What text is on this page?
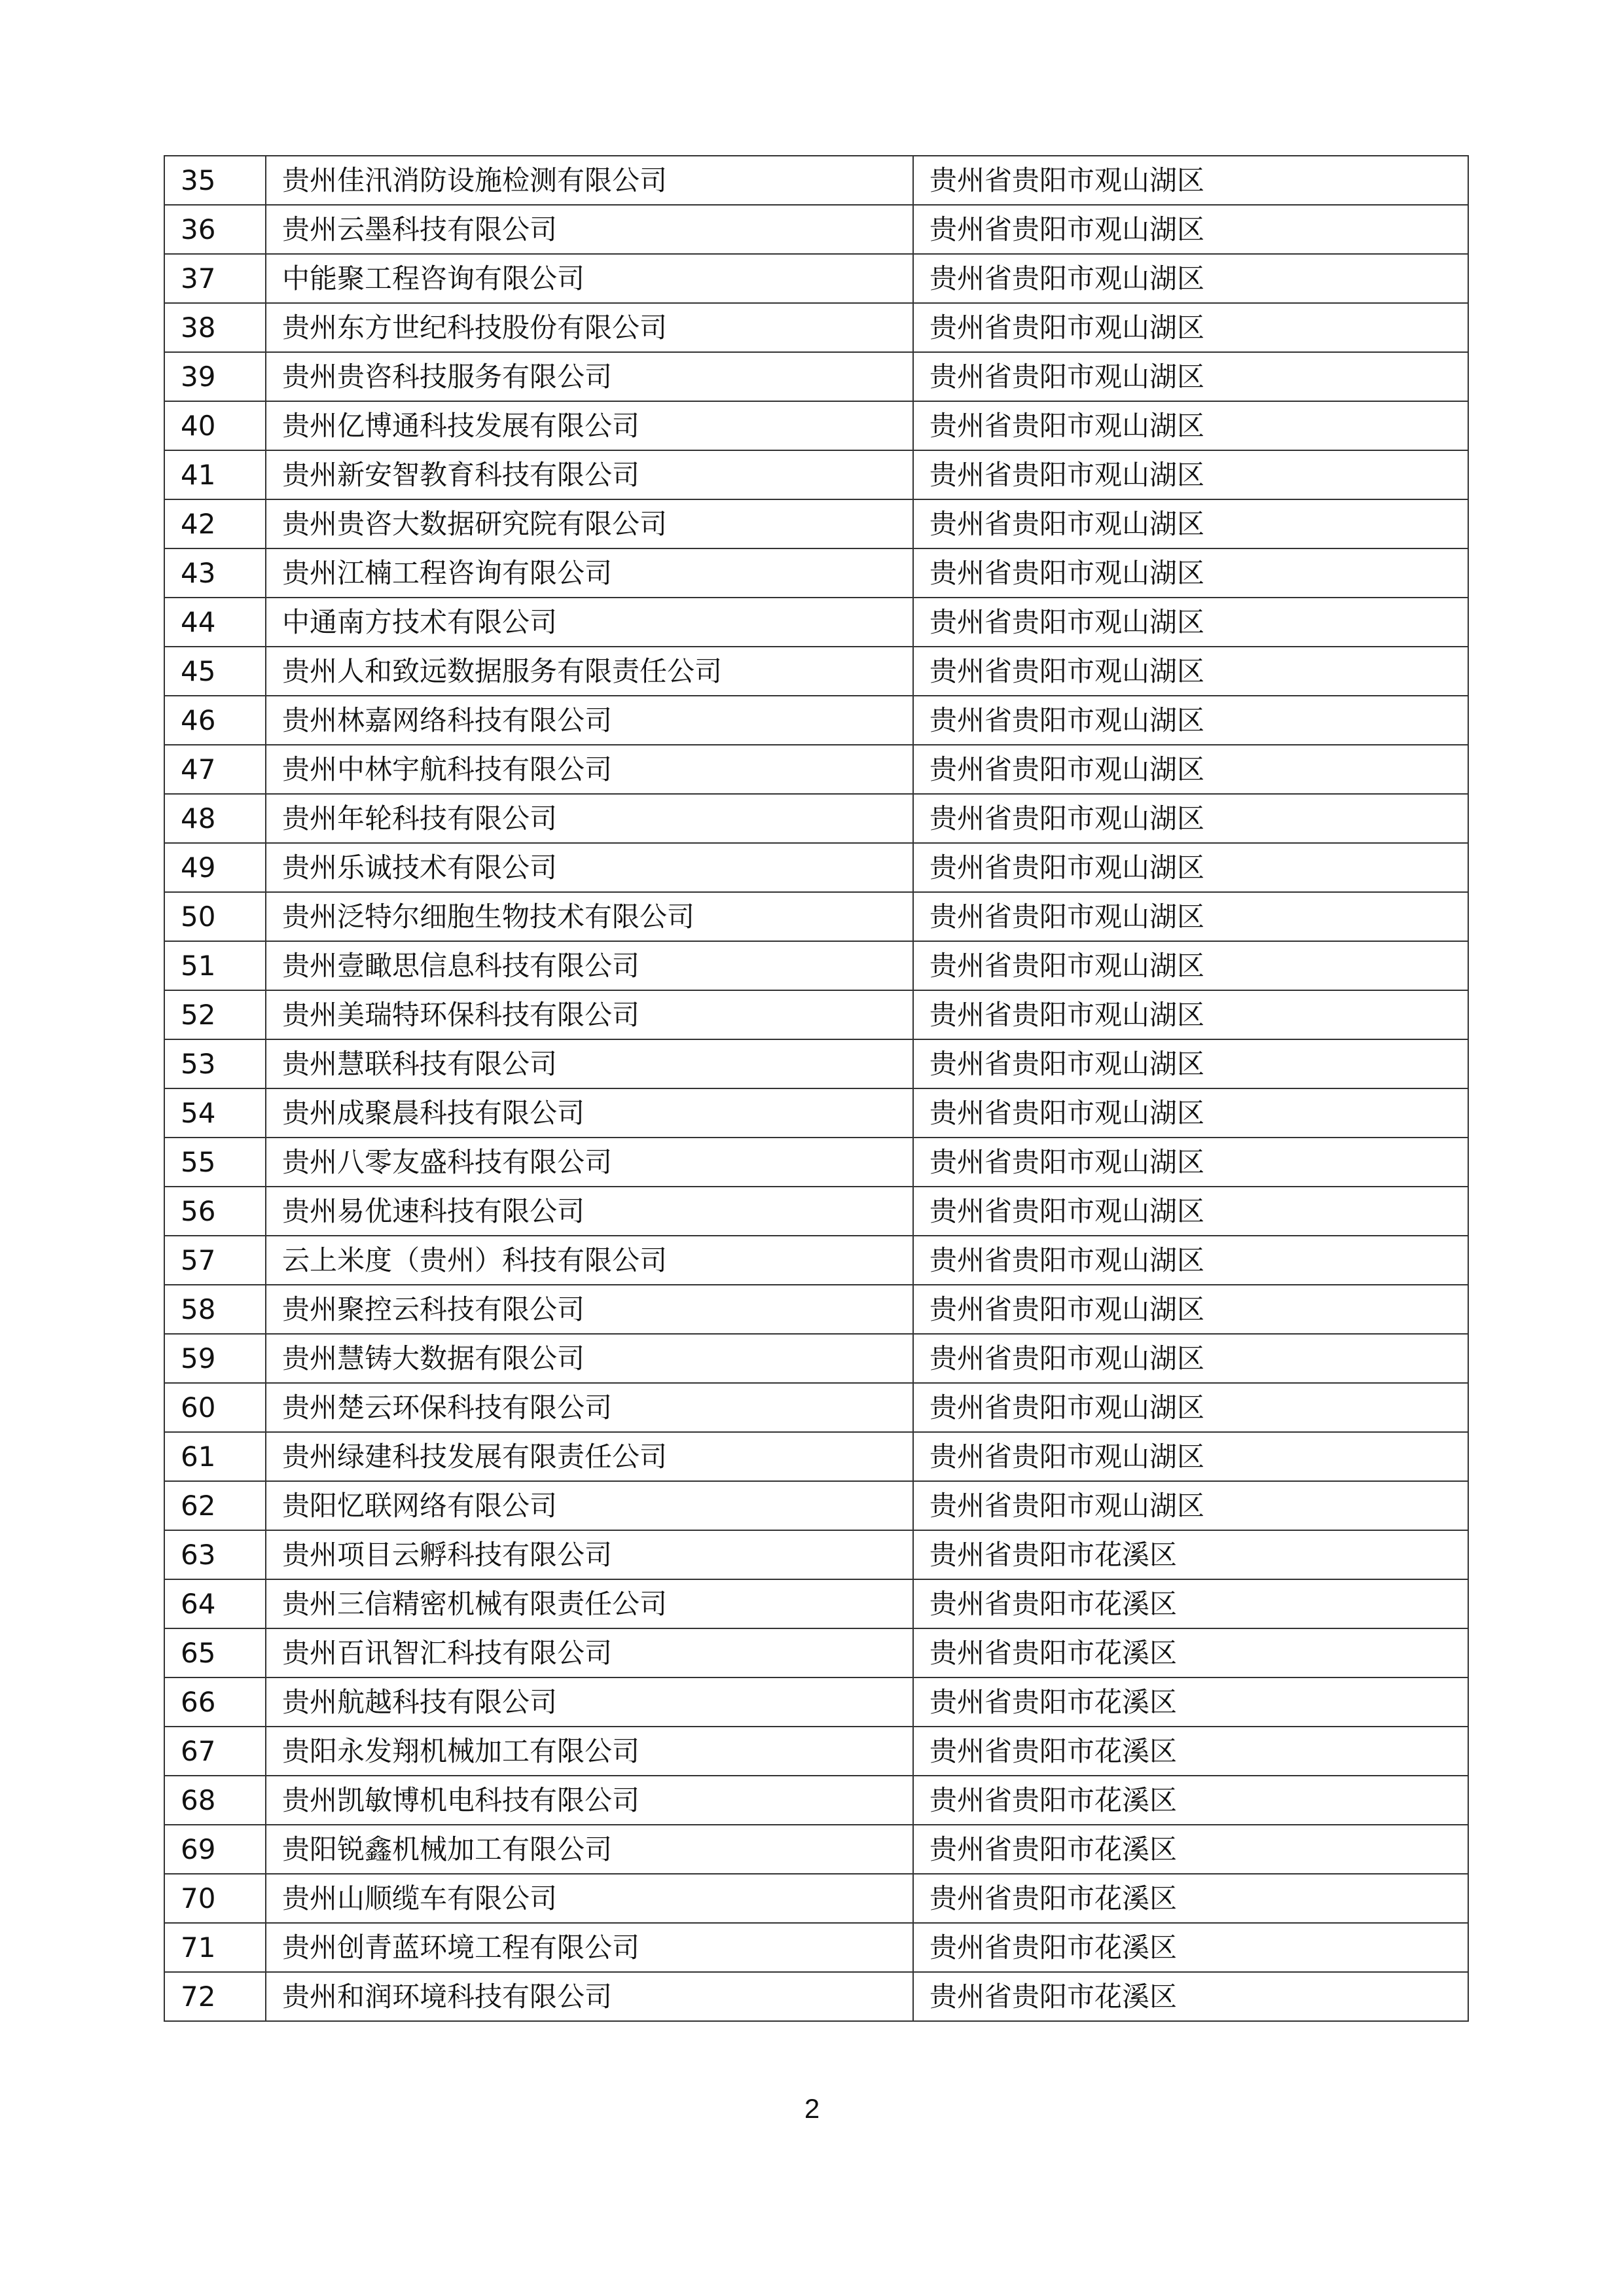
35	贵州佳汛消防设施检测有限公司	贵州省贵阳市观山湖区
36	贵州云墨科技有限公司	贵州省贵阳市观山湖区
37	中能聚工程咨询有限公司	贵州省贵阳市观山湖区
38	贵州东方世纪科技股份有限公司	贵州省贵阳市观山湖区
39	贵州贵咨科技服务有限公司	贵州省贵阳市观山湖区
40	贵州亿博通科技发展有限公司	贵州省贵阳市观山湖区
41	贵州新安智教育科技有限公司	贵州省贵阳市观山湖区
42	贵州贵咨大数据研究院有限公司	贵州省贵阳市观山湖区
43	贵州江楠工程咨询有限公司	贵州省贵阳市观山湖区
44	中通南方技术有限公司	贵州省贵阳市观山湖区
45	贵州人和致远数据服务有限责任公司	贵州省贵阳市观山湖区
46	贵州林嘉网络科技有限公司	贵州省贵阳市观山湖区
47	贵州中林宇航科技有限公司	贵州省贵阳市观山湖区
48	贵州年轮科技有限公司	贵州省贵阳市观山湖区
49	贵州乐诚技术有限公司	贵州省贵阳市观山湖区
50	贵州泛特尔细胞生物技术有限公司	贵州省贵阳市观山湖区
51	贵州壹瞰思信息科技有限公司	贵州省贵阳市观山湖区
52	贵州美瑞特环保科技有限公司	贵州省贵阳市观山湖区
53	贵州慧联科技有限公司	贵州省贵阳市观山湖区
54	贵州成聚晨科技有限公司	贵州省贵阳市观山湖区
55	贵州八零友盛科技有限公司	贵州省贵阳市观山湖区
56	贵州易优速科技有限公司	贵州省贵阳市观山湖区
57	云上米度（贵州）科技有限公司	贵州省贵阳市观山湖区
58	贵州聚控云科技有限公司	贵州省贵阳市观山湖区
59	贵州慧铸大数据有限公司	贵州省贵阳市观山湖区
60	贵州楚云环保科技有限公司	贵州省贵阳市观山湖区
61	贵州绿建科技发展有限责任公司	贵州省贵阳市观山湖区
62	贵阳忆联网络有限公司	贵州省贵阳市观山湖区
63	贵州项目云孵科技有限公司	贵州省贵阳市花溪区
64	贵州三信精密机械有限责任公司	贵州省贵阳市花溪区
65	贵州百讯智汇科技有限公司	贵州省贵阳市花溪区
66	贵州航越科技有限公司	贵州省贵阳市花溪区
67	贵阳永发翔机械加工有限公司	贵州省贵阳市花溪区
68	贵州凯敏博机电科技有限公司	贵州省贵阳市花溪区
69	贵阳锐鑫机械加工有限公司	贵州省贵阳市花溪区
70	贵州山顺缆车有限公司	贵州省贵阳市花溪区
71	贵州创青蓝环境工程有限公司	贵州省贵阳市花溪区
72	贵州和润环境科技有限公司	贵州省贵阳市花溪区
2
